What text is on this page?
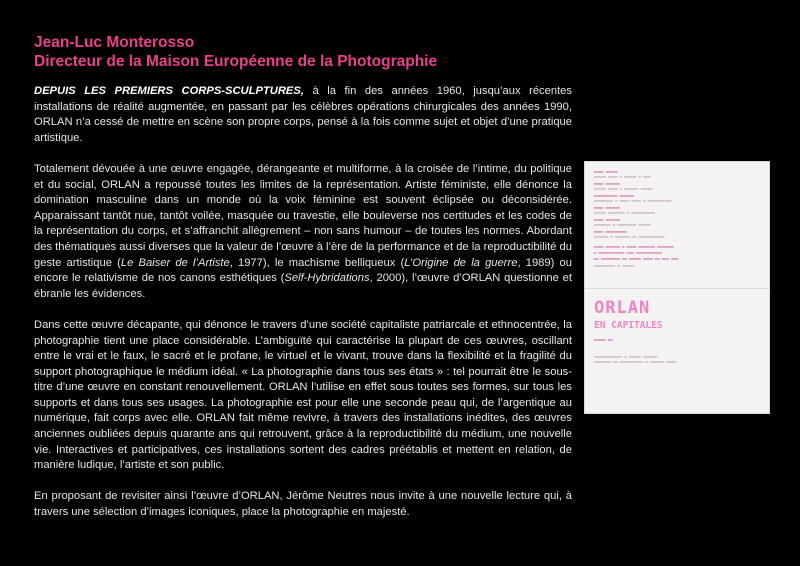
Jean-Luc Monterosso
Directeur de la Maison Européenne de la Photographie

DEPUIS LES PREMIERS CORPS-SCULPTURES, à la fin des années 1960, jusqu’aux récentes installations de réalité augmentée, en passant par les célèbres opérations chirurgicales des années 1990, ORLAN n’a cessé de mettre en scène son propre corps, pensé à la fois comme sujet et objet d’une pratique artistique.

Totalement dévouée à une œuvre engagée, dérangeante et multiforme, à la croisée de l’intime, du politique et du social, ORLAN a repoussé toutes les limites de la représentation. Artiste féministe, elle dénonce la domination masculine dans un monde où la voix féminine est souvent éclipsée ou déconsidérée. Apparaissant tantôt nue, tantôt voilée, masquée ou travestie, elle bouleverse nos certitudes et les codes de la représentation du corps, et s’affranchit allègrement – non sans humour – de toutes les normes. Abordant des thématiques aussi diverses que la valeur de l’œuvre à l’ère de la performance et de la reproductibilité du geste artistique (Le Baiser de l’Artiste, 1977), le machisme belliqueux (L’Origine de la guerre, 1989) ou encore le relativisme de nos canons esthétiques (Self-Hybridations, 2000), l’œuvre d’ORLAN questionne et ébranle les évidences.

Dans cette œuvre décapante, qui dénonce le travers d’une société capitaliste patriarcale et ethnocentrée, la photographie tient une place considérable. L’ambiguïté qui caractérise la plupart de ces œuvres, oscillant entre le vrai et le faux, le sacré et le profane, le virtuel et le vivant, trouve dans la flexibilité et la fragilité du support photographique le médium idéal. « La photographie dans tous ses états » : tel pourrait être le sous-titre d’une œuvre en constant renouvellement. ORLAN l’utilise en effet sous toutes ses formes, sur tous les supports et dans tous ses usages. La photographie est pour elle une seconde peau qui, de l’argentique au numérique, fait corps avec elle. ORLAN fait même revivre, à travers des installations inédites, des œuvres anciennes oubliées depuis quarante ans qui retrouvent, grâce à la reproductibilité du médium, une nouvelle vie. Interactives et participatives, ces installations sortent des cadres préétablis et mettent en relation, de manière ludique, l’artiste et son public.

En proposant de revisiter ainsi l’œuvre d’ORLAN, Jérôme Neutres nous invite à une nouvelle lecture qui, à travers une sélection d’images iconiques, place la photographie en majesté.

▬▬▬▬ ▬▬▬▬▬
▬▬▬▬▬ ▬▬▬▬ ▬ ▬▬▬▬▬ ▬ ▬▬▬
▬▬▬▬ ▬▬▬▬▬▬
▬▬▬▬▬ ▬▬▬▬ ▬ ▬▬▬▬▬▬ ▬▬▬▬▬
▬▬▬▬▬▬▬▬▬▬ ▬▬▬▬▬▬
▬▬▬▬▬▬▬▬ ▬ ▬▬▬▬ ▬▬▬▬ ▬ ▬▬▬▬▬▬▬▬▬▬
▬▬▬▬ ▬▬▬▬▬▬
▬▬▬▬▬ ▬▬▬▬▬▬▬ ▬ ▬▬▬▬▬▬▬▬▬▬
▬▬▬▬ ▬▬▬▬▬▬
▬▬▬▬▬▬▬ ▬ ▬▬▬▬▬▬▬▬ ▬▬▬▬▬
▬▬▬▬ ▬▬▬▬▬▬▬▬▬
▬▬▬▬▬▬ ▬ ▬▬▬▬▬▬ ▬▬ ▬▬▬▬▬▬▬▬▬▬▬
▬▬▬▬ ▬▬▬▬▬▬ ▬ ▬▬▬▬ ▬▬▬▬▬▬▬ ▬▬▬▬▬▬▬
▬ ▬▬▬▬▬▬▬▬▬▬▬ ▬▬▬ ▬▬▬▬▬▬▬▬▬▬▬
▬▬ ▬▬▬▬▬▬▬▬ ▬▬ ▬▬▬▬▬ ▬▬▬▬ ▬▬ ▬▬▬ ▬▬▬
▬▬▬▬▬▬▬▬▬ ▬ ▬▬▬▬▬
ORLAN
EN CAPITALES
▬▬▬▬▬ ▬▬
▬▬▬▬▬▬▬▬▬▬▬▬ ▬ ▬▬▬▬▬ ▬▬▬▬▬▬
▬▬▬▬▬▬▬ ▬▬ ▬▬▬▬▬▬▬▬▬▬ ▬ ▬▬▬▬▬▬ ▬▬▬▬
